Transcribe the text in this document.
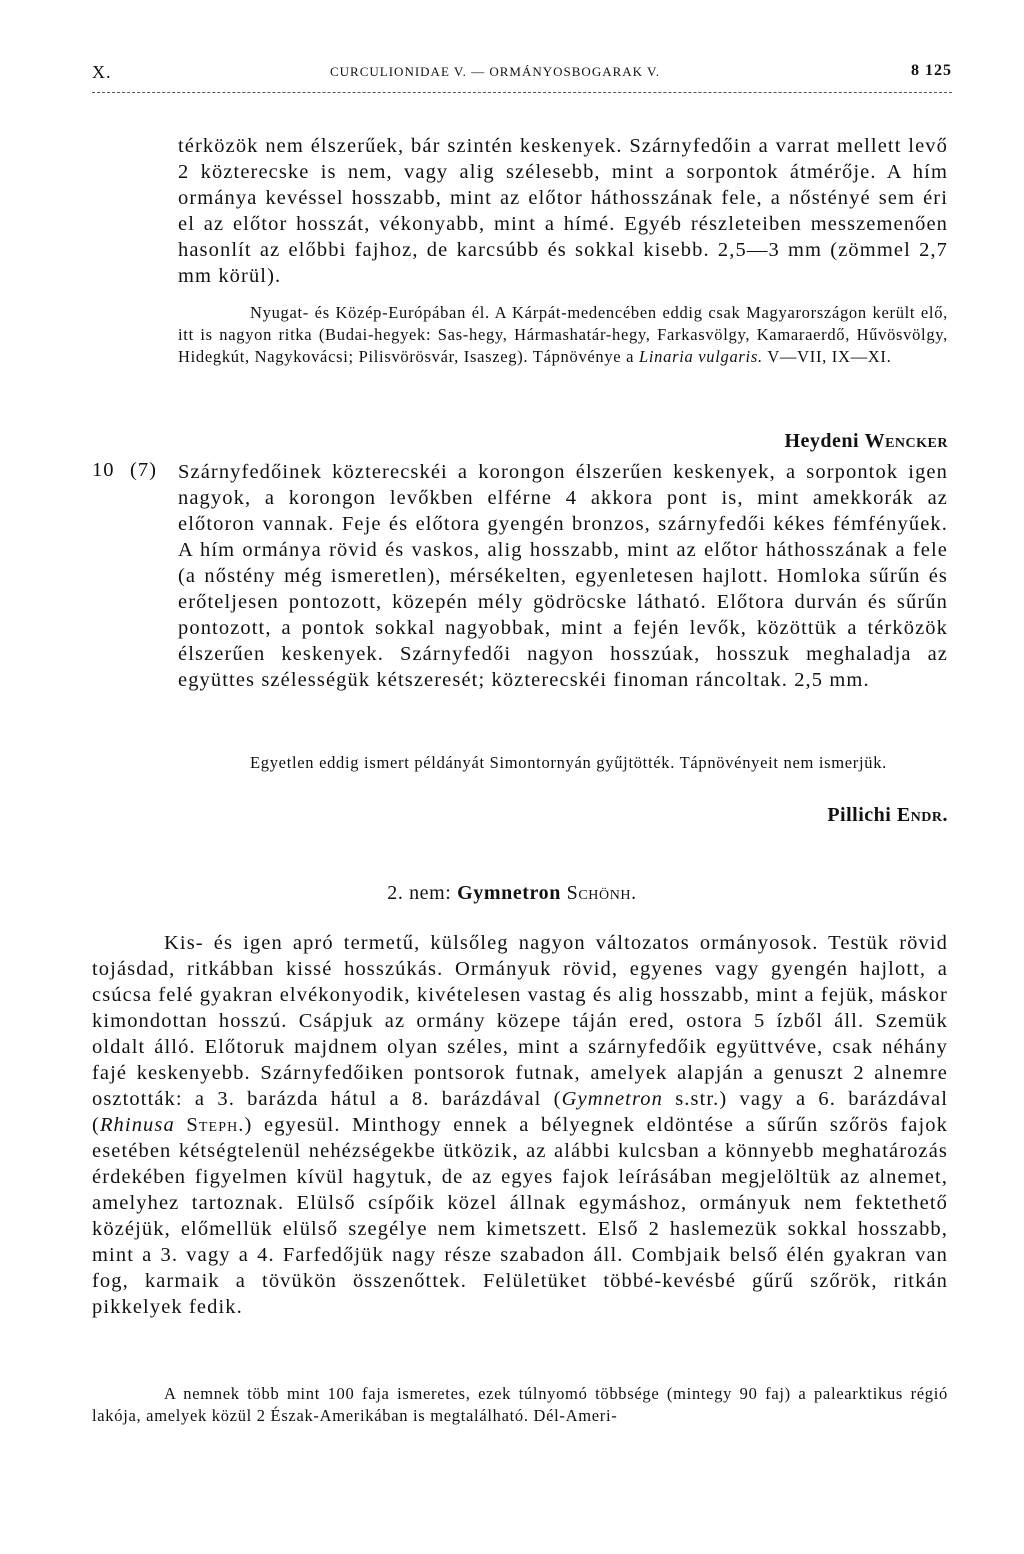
X.	CURCULIONIDAE V. — ORMÁNYOSBOGARAK V.	8 125
térközök nem élszerűek, bár szintén keskenyek. Szárnyfedőin a varrat mellett levő 2 közterecske is nem, vagy alig szélesebb, mint a sorpontok átmérője. A hím ormánya kevéssel hosszabb, mint az előtor háthosszának fele, a nőstényé sem éri el az előtor hosszát, vékonyabb, mint a hímé. Egyéb részleteiben messzemenően hasonlít az előbbi fajhoz, de karcsúbb és sokkal kisebb. 2,5—3 mm (zömmel 2,7 mm körül).
Nyugat- és Közép-Európában él. A Kárpát-medencében eddig csak Magyarországon került elő, itt is nagyon ritka (Budai-hegyek: Sas-hegy, Hármashatár-hegy, Farkasvölgy, Kamaraerdő, Hűvösvölgy, Hidegkút, Nagykovácsi; Pilisvörösvár, Isaszeg). Tápnövénye a Linaria vulgaris. V—VII, IX—XI.
Heydeni Wencker
10 (7) Szárnyfedőinek közterecskéi a korongon élszerűen keskenyek, a sorpontok igen nagyok, a korongon levőkben elférne 4 akkora pont is, mint amekkorák az előtoron vannak. Feje és előtora gyengén bronzos, szárnyfedői kékes fémfényűek. A hím ormánya rövid és vaskos, alig hosszabb, mint az előtor háthosszának a fele (a nőstény még ismeretlen), mérsékelten, egyenletesen hajlott. Homloka sűrűn és erőteljesen pontozott, közepén mély gödröcske látható. Előtora durván és sűrűn pontozott, a pontok sokkal nagyobbak, mint a fején levők, közöttük a térközök élszerűen keskenyek. Szárnyfedői nagyon hosszúak, hosszuk meghaladja az együttes szélességük kétszeresét; közterecskéi finoman ráncoltak. 2,5 mm.
Egyetlen eddig ismert példányát Simontornyán gyűjtötték. Tápnövényeit nem ismerjük.
Pillichi Endr.
2. nem: Gymnetron Schönh.
Kis- és igen apró termetű, külsőleg nagyon változatos ormányosok. Testük rövid tojásdad, ritkábban kissé hosszúkás. Ormányuk rövid, egyenes vagy gyengén hajlott, a csúcsa felé gyakran elvékonyodik, kivételesen vastag és alig hosszabb, mint a fejük, máskor kimondottan hosszú. Csápjuk az ormány közepe táján ered, ostora 5 ízből áll. Szemük oldalt álló. Előtoruk majdnem olyan széles, mint a szárnyfedőik együttvéve, csak néhány fajé keskenyebb. Szárnyfedőiken pontsorok futnak, amelyek alapján a genuszt 2 alnemre osztották: a 3. barázda hátul a 8. barázdával (Gymnetron s.str.) vagy a 6. barázdával (Rhinusa Steph.) egyesül. Minthogy ennek a bélyegnek eldöntése a sűrűn szőrös fajok esetében kétségtelenül nehézségekbe ütközik, az alábbi kulcsban a könnyebb meghatározás érdekében figyelmen kívül hagytuk, de az egyes fajok leírásában megjelöltük az alnemet, amelyhez tartoznak. Elülső csípőik közel állnak egymáshoz, ormányuk nem fektethető közéjük, előmellük elülső szegélye nem kimetszett. Első 2 haslemezük sokkal hosszabb, mint a 3. vagy a 4. Farfedőjük nagy része szabadon áll. Combjaik belső élén gyakran van fog, karmaik a tövükön összenőttek. Felületüket többé-kevésbé gűrű szőrök, ritkán pikkelyek fedik.
A nemnek több mint 100 faja ismeretes, ezek túlnyomó többsége (mintegy 90 faj) a palearktikus régió lakója, amelyek közül 2 Észak-Amerikában is megtalálható. Dél-Ameri-
